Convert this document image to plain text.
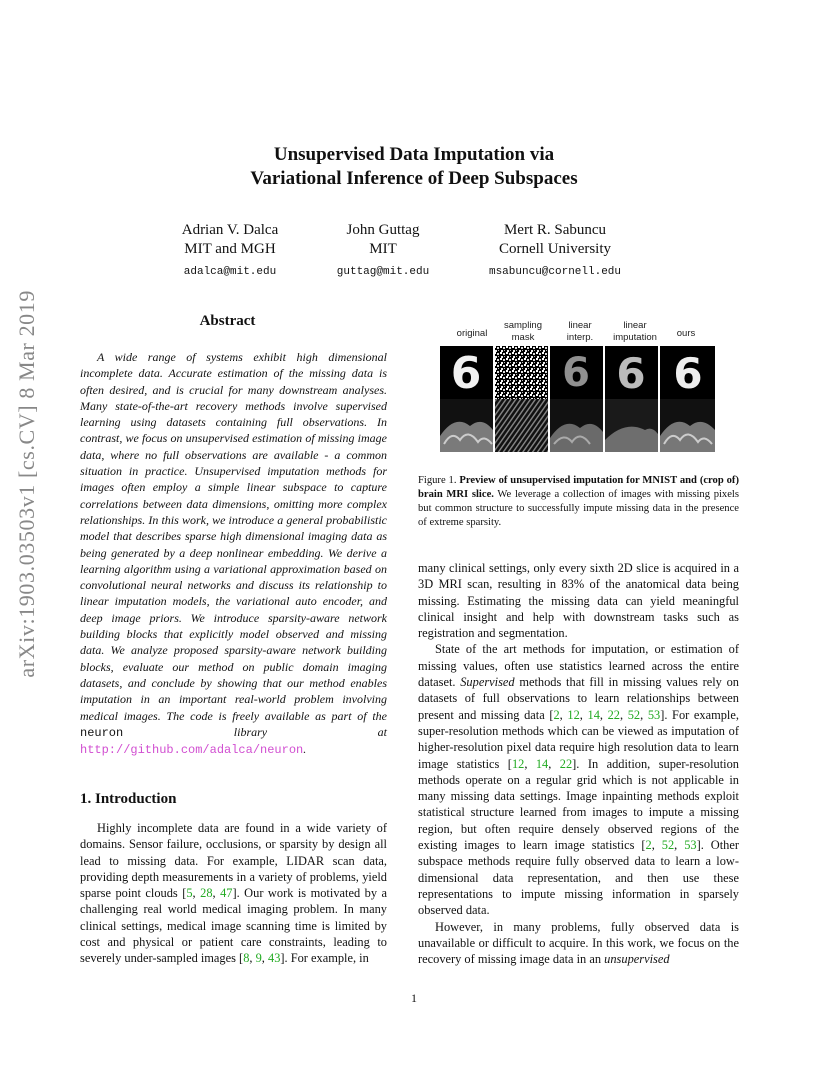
arXiv:1903.03503v1 [cs.CV] 8 Mar 2019
Unsupervised Data Imputation via
Variational Inference of Deep Subspaces
Adrian V. Dalca
MIT and MGH
adalca@mit.edu
John Guttag
MIT
guttag@mit.edu
Mert R. Sabuncu
Cornell University
msabuncu@cornell.edu
Abstract
A wide range of systems exhibit high dimensional incomplete data. Accurate estimation of the missing data is often desired, and is crucial for many downstream analyses. Many state-of-the-art recovery methods involve supervised learning using datasets containing full observations. In contrast, we focus on unsupervised estimation of missing image data, where no full observations are available - a common situation in practice. Unsupervised imputation methods for images often employ a simple linear subspace to capture correlations between data dimensions, omitting more complex relationships. In this work, we introduce a general probabilistic model that describes sparse high dimensional imaging data as being generated by a deep nonlinear embedding. We derive a learning algorithm using a variational approximation based on convolutional neural networks and discuss its relationship to linear imputation models, the variational auto encoder, and deep image priors. We introduce sparsity-aware network building blocks that explicitly model observed and missing data. We analyze proposed sparsity-aware network building blocks, evaluate our method on public domain imaging datasets, and conclude by showing that our method enables imputation in an important real-world problem involving medical images. The code is freely available as part of the neuron library at http://github.com/adalca/neuron.
1. Introduction

Highly incomplete data are found in a wide variety of domains. Sensor failure, occlusions, or sparsity by design all lead to missing data. For example, LIDAR scan data, providing depth measurements in a variety of problems, yield sparse point clouds [5, 28, 47]. Our work is motivated by a challenging real world medical imaging problem. In many clinical settings, medical image scanning time is limited by cost and physical or patient care constraints, leading to severely under-sampled images [8, 9, 43]. For example, in

original
sampling mask
linear interp.
linear imputation	ours
6 6 6 6
Figure 1. Preview of unsupervised imputation for MNIST and (crop of) brain MRI slice. We leverage a collection of images with missing pixels but common structure to successfully impute missing data in the presence of extreme sparsity.

many clinical settings, only every sixth 2D slice is acquired in a 3D MRI scan, resulting in 83% of the anatomical data being missing. Estimating the missing data can yield meaningful clinical insight and help with downstream tasks such as registration and segmentation.

State of the art methods for imputation, or estimation of missing values, often use statistics learned across the entire dataset. Supervised methods that fill in missing values rely on datasets of full observations to learn relationships between present and missing data [2, 12, 14, 22, 52, 53]. For example, super-resolution methods which can be viewed as imputation of higher-resolution pixel data require high resolution data to learn image statistics [12, 14, 22]. In addition, super-resolution methods operate on a regular grid which is not applicable in many missing data settings. Image inpainting methods exploit statistical structure learned from images to impute a missing region, but often require densely observed regions of the existing images to learn image statistics [2, 52, 53]. Other subspace methods require fully observed data to learn a low-dimensional data representation, and then use these representations to impute missing information in sparsely observed data.

However, in many problems, fully observed data is unavailable or difficult to acquire. In this work, we focus on the recovery of missing image data in an unsupervised

1
